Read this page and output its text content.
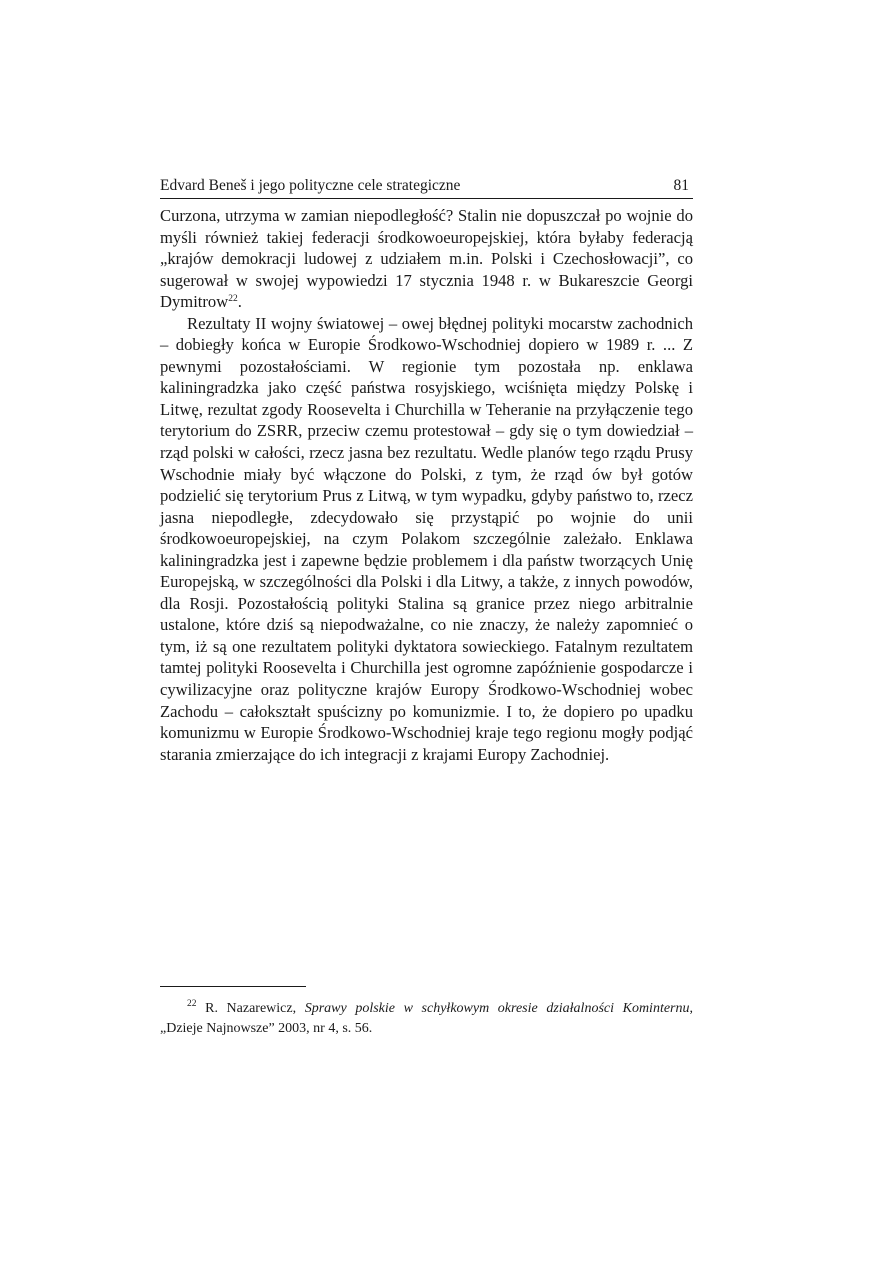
Edvard Beneš i jego polityczne cele strategiczne	81

Curzona, utrzyma w zamian niepodległość? Stalin nie dopuszczał po wojnie do myśli również takiej federacji środkowoeuropejskiej, która byłaby federacją „krajów demokracji ludowej z udziałem m.in. Polski i Czechosłowacji”, co sugerował w swojej wypowiedzi 17 stycznia 1948 r. w Bukareszcie Georgi Dymitrow$^{22}$.

Rezultaty II wojny światowej – owej błędnej polityki mocarstw zachodnich – dobiegły końca w Europie Środkowo-Wschodniej dopiero w 1989 r. ... Z pewnymi pozostałościami. W regionie tym pozostała np. enklawa kaliningradzka jako część państwa rosyjskiego, wciśnięta między Polskę i Litwę, rezultat zgody Roosevelta i Churchilla w Teheranie na przyłączenie tego terytorium do ZSRR, przeciw czemu protestował – gdy się o tym dowiedział – rząd polski w całości, rzecz jasna bez rezultatu. Wedle planów tego rządu Prusy Wschodnie miały być włączone do Polski, z tym, że rząd ów był gotów podzielić się terytorium Prus z Litwą, w tym wypadku, gdyby państwo to, rzecz jasna niepodległe, zdecydowało się przystąpić po wojnie do unii środkowoeuropejskiej, na czym Polakom szczególnie zależało. Enklawa kaliningradzka jest i zapewne będzie problemem i dla państw tworzących Unię Europejską, w szczególności dla Polski i dla Litwy, a także, z innych powodów, dla Rosji. Pozostałością polityki Stalina są granice przez niego arbitralnie ustalone, które dziś są niepodważalne, co nie znaczy, że należy zapomnieć o tym, iż są one rezultatem polityki dyktatora sowieckiego. Fatalnym rezultatem tamtej polityki Roosevelta i Churchilla jest ogromne zapóźnienie gospodarcze i cywilizacyjne oraz polityczne krajów Europy Środkowo-Wschodniej wobec Zachodu – całokształt spuścizny po komunizmie. I to, że dopiero po upadku komunizmu w Europie Środkowo-Wschodniej kraje tego regionu mogły podjąć starania zmierzające do ich integracji z krajami Europy Zachodniej.

$^{22}$ R. Nazarewicz, Sprawy polskie w schyłkowym okresie działalności Kominternu, „Dzieje Najnowsze” 2003, nr 4, s. 56.
